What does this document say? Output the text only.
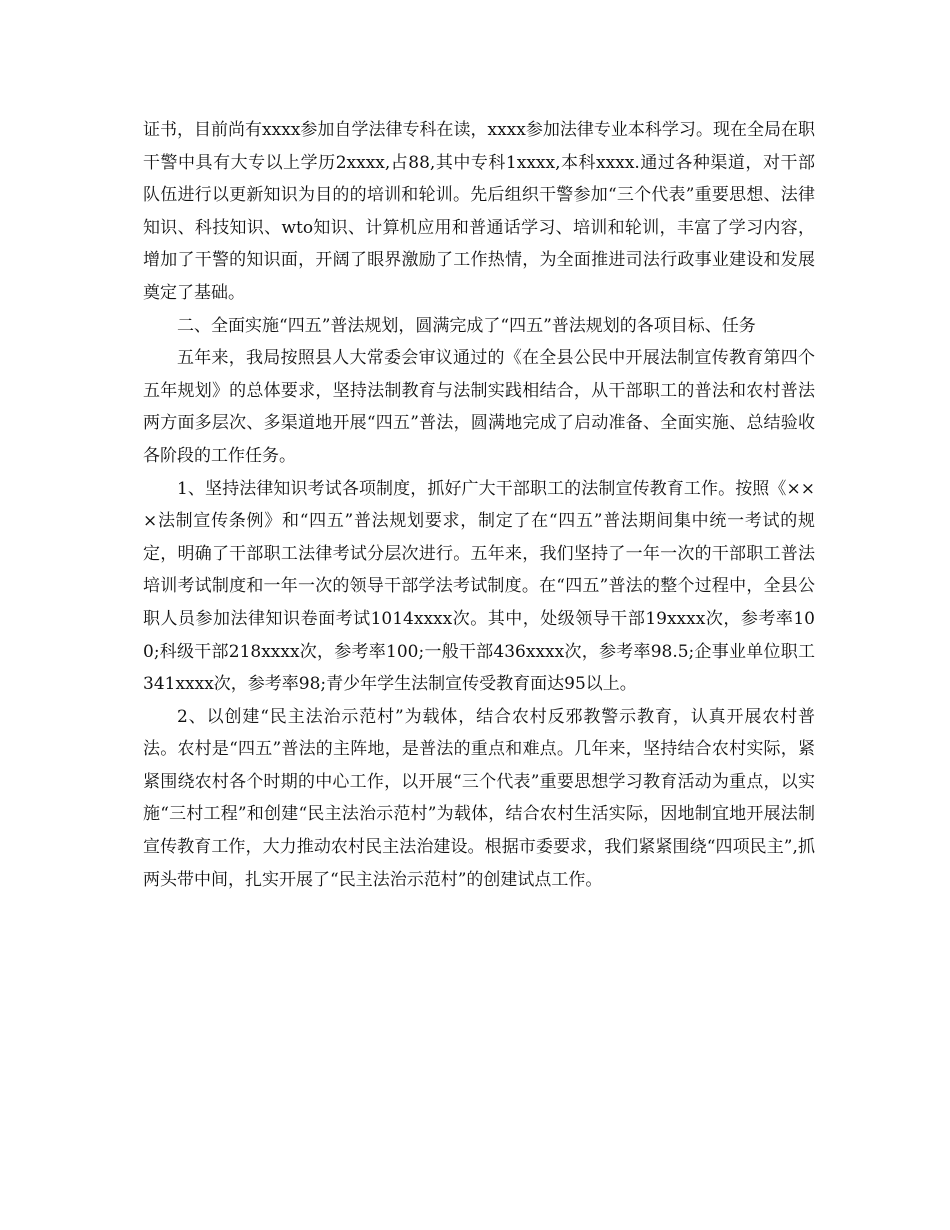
证书，目前尚有xxxx参加自学法律专科在读，xxxx参加法律专业本科学习。现在全局在职干警中具有大专以上学历2xxxx,占88,其中专科1xxxx,本科xxxx.通过各种渠道，对干部队伍进行以更新知识为目的的培训和轮训。先后组织干警参加“三个代表”重要思想、法律知识、科技知识、wto知识、计算机应用和普通话学习、培训和轮训，丰富了学习内容，增加了干警的知识面，开阔了眼界激励了工作热情，为全面推进司法行政事业建设和发展奠定了基础。

二、全面实施“四五”普法规划，圆满完成了“四五”普法规划的各项目标、任务

五年来，我局按照县人大常委会审议通过的《在全县公民中开展法制宣传教育第四个五年规划》的总体要求，坚持法制教育与法制实践相结合，从干部职工的普法和农村普法两方面多层次、多渠道地开展“四五”普法，圆满地完成了启动准备、全面实施、总结验收各阶段的工作任务。

1、坚持法律知识考试各项制度，抓好广大干部职工的法制宣传教育工作。按照《×××法制宣传条例》和“四五”普法规划要求，制定了在“四五”普法期间集中统一考试的规定，明确了干部职工法律考试分层次进行。五年来，我们坚持了一年一次的干部职工普法培训考试制度和一年一次的领导干部学法考试制度。在“四五”普法的整个过程中，全县公职人员参加法律知识卷面考试1014xxxx次。其中，处级领导干部19xxxx次，参考率100;科级干部218xxxx次，参考率100;一般干部436xxxx次，参考率98.5;企事业单位职工341xxxx次，参考率98;青少年学生法制宣传受教育面达95以上。

2、以创建“民主法治示范村”为载体，结合农村反邪教警示教育，认真开展农村普法。农村是“四五”普法的主阵地，是普法的重点和难点。几年来，坚持结合农村实际，紧紧围绕农村各个时期的中心工作，以开展“三个代表”重要思想学习教育活动为重点，以实施“三村工程”和创建“民主法治示范村”为载体，结合农村生活实际，因地制宜地开展法制宣传教育工作，大力推动农村民主法治建设。根据市委要求，我们紧紧围绕“四项民主”,抓两头带中间，扎实开展了“民主法治示范村”的创建试点工作。
